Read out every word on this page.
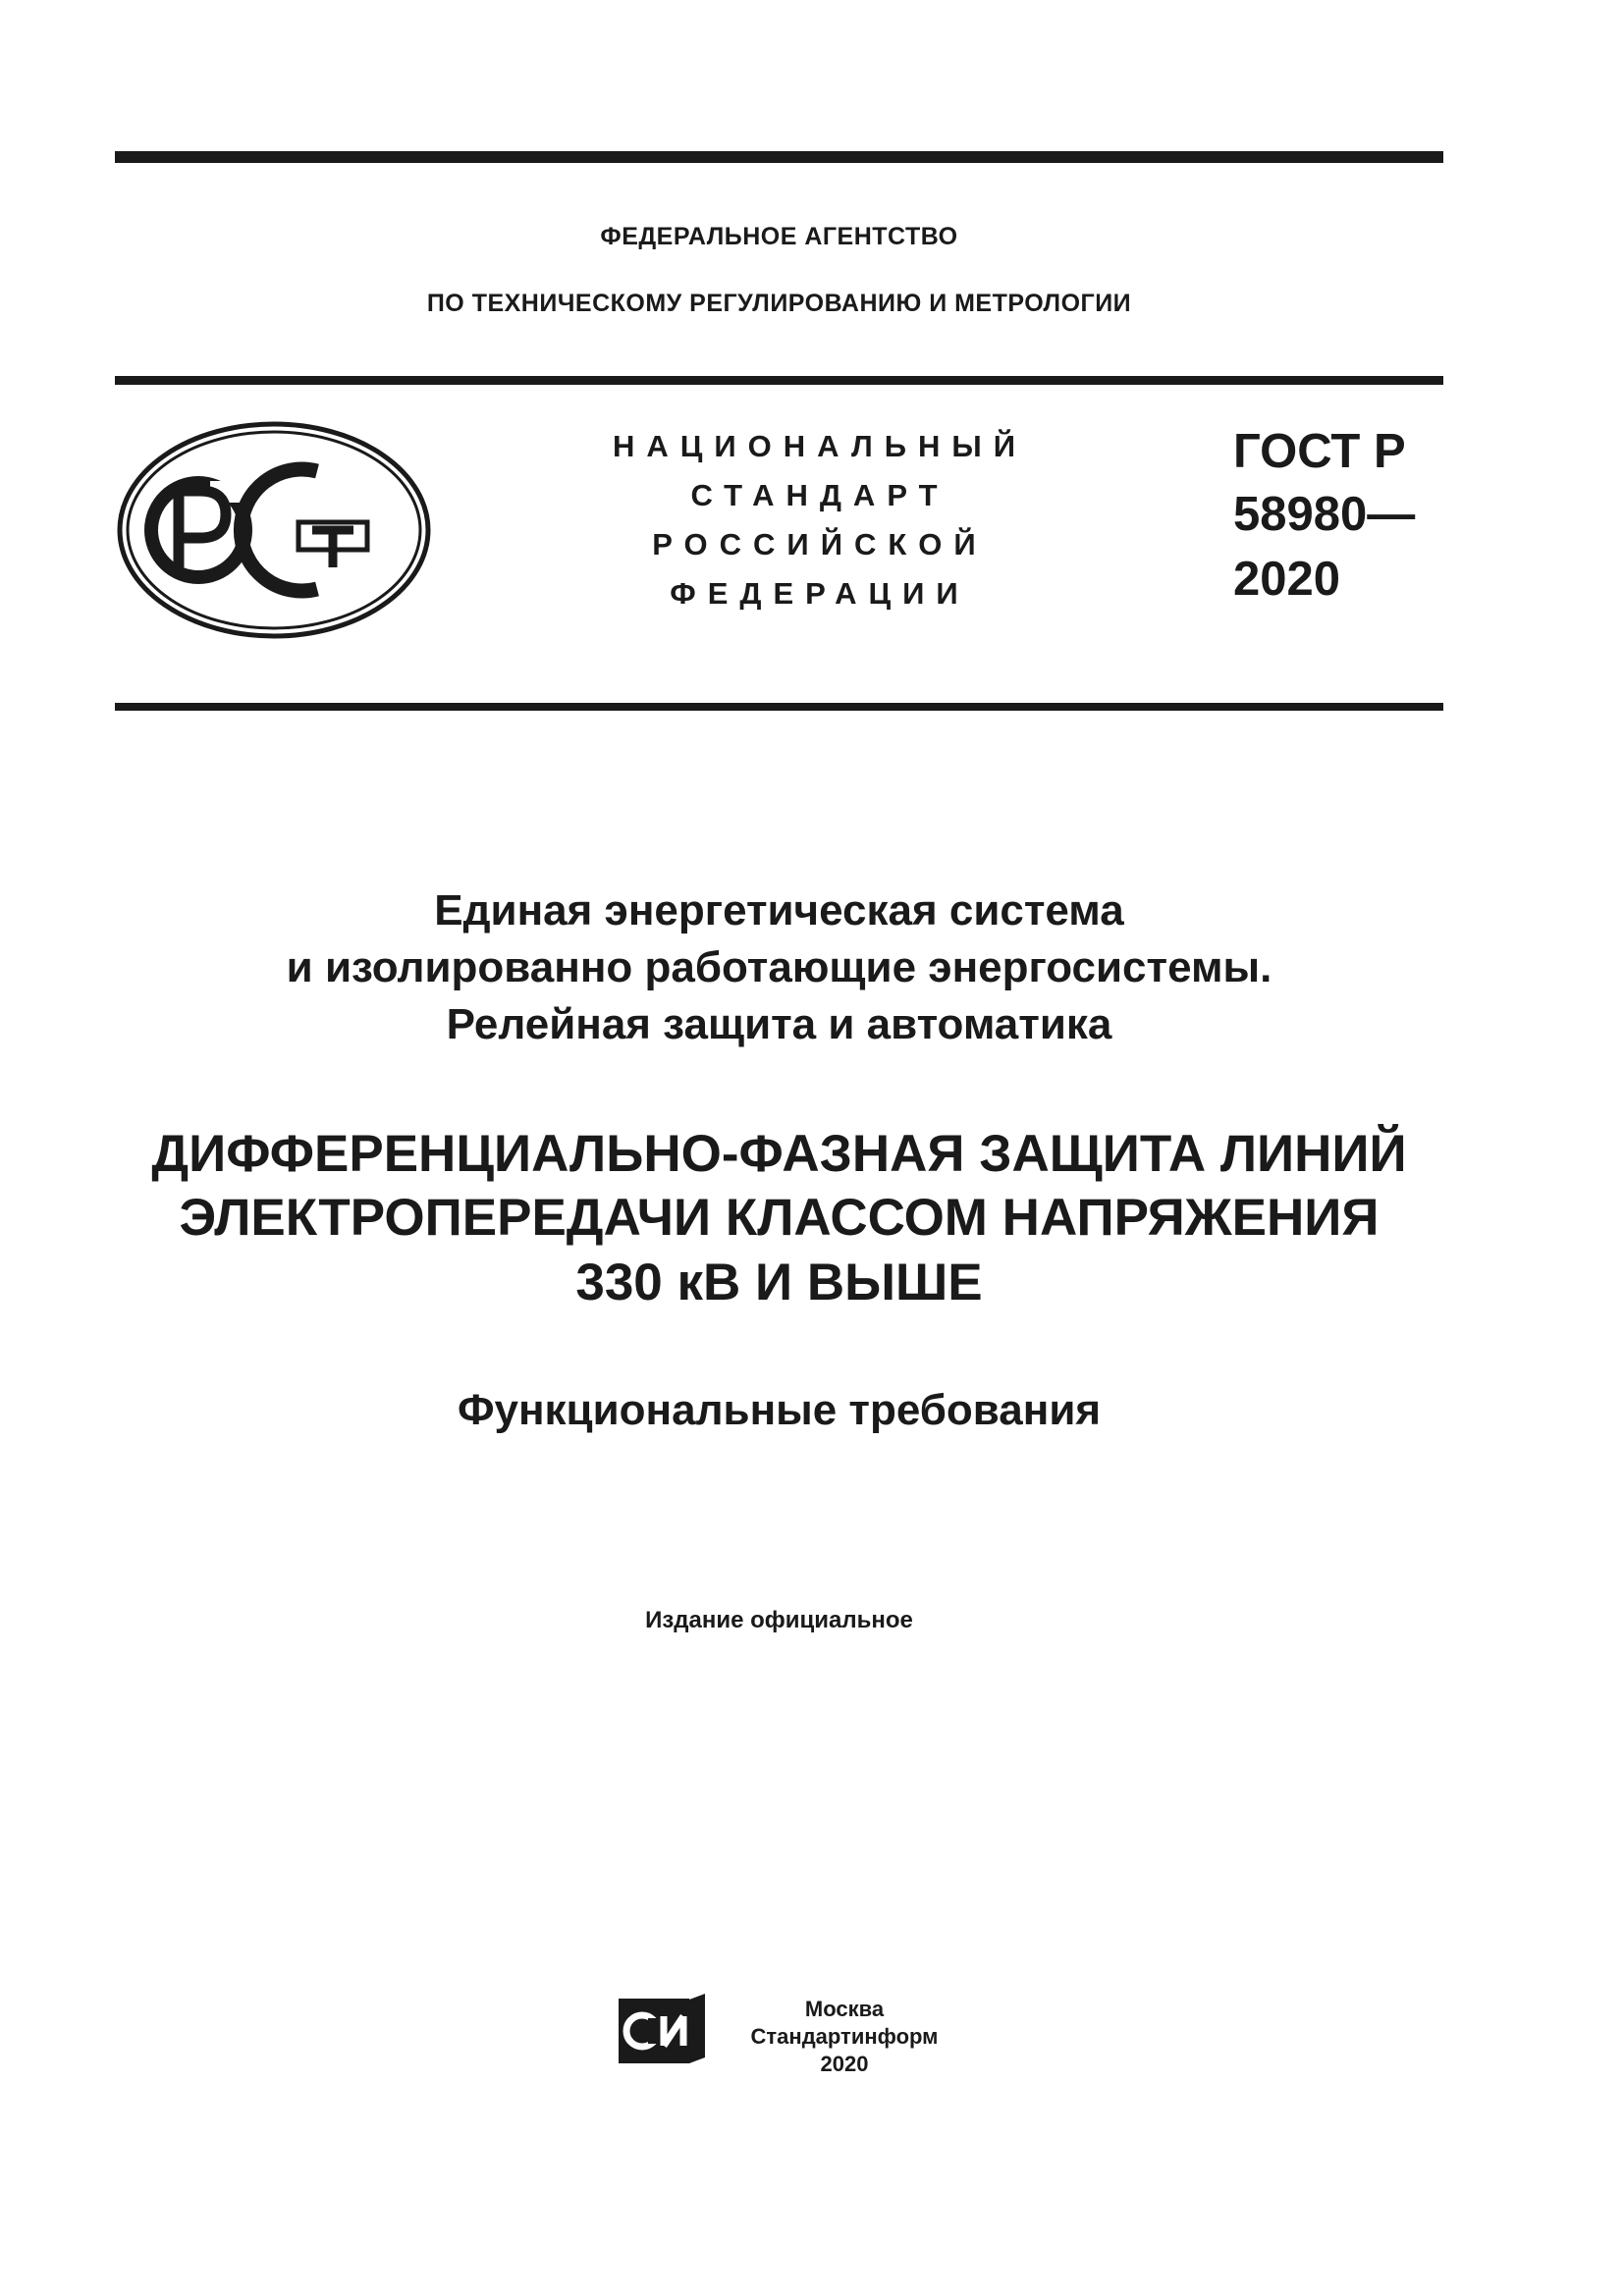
ФЕДЕРАЛЬНОЕ АГЕНТСТВО
ПО ТЕХНИЧЕСКОМУ РЕГУЛИРОВАНИЮ И МЕТРОЛОГИИ
НАЦИОНАЛЬНЫЙ
СТАНДАРТ
РОССИЙСКОЙ
ФЕДЕРАЦИИ
ГОСТ Р
58980—
2020
Единая энергетическая система
и изолированно работающие энергосистемы.
Релейная защита и автоматика
ДИФФЕРЕНЦИАЛЬНО-ФАЗНАЯ ЗАЩИТА ЛИНИЙ
ЭЛЕКТРОПЕРЕДАЧИ КЛАССОМ НАПРЯЖЕНИЯ
330 кВ И ВЫШЕ
Функциональные требования
Издание официальное
Москва
Стандартинформ
2020
